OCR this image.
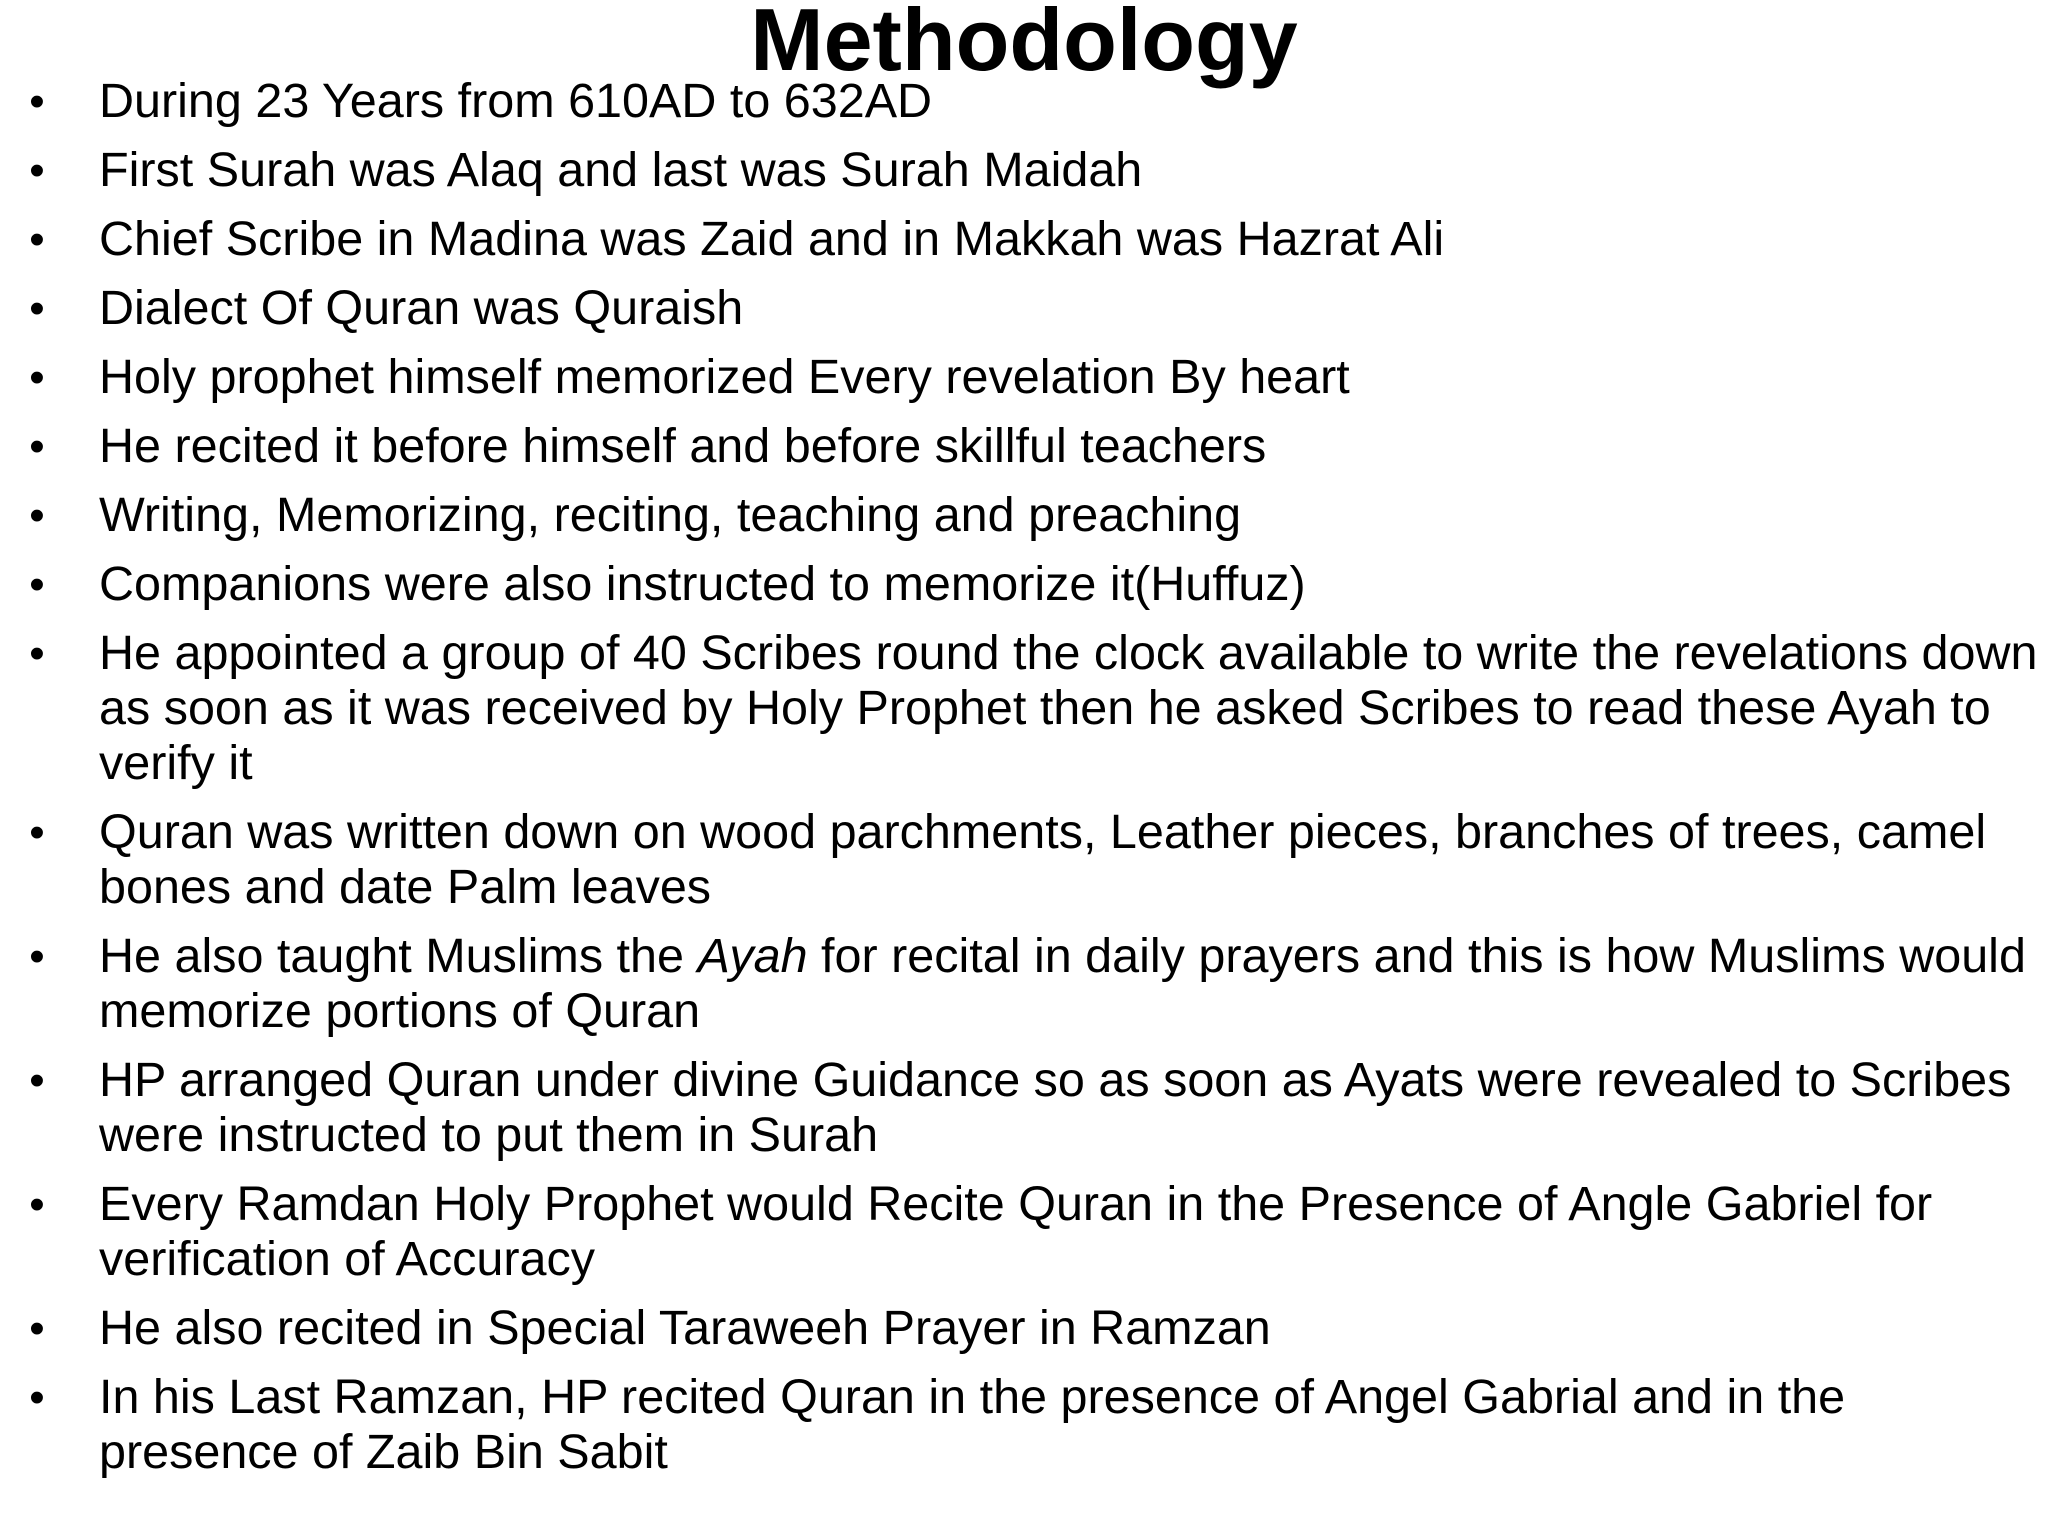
Methodology
• During 23 Years from 610AD to 632AD
• First Surah was Alaq and last was Surah Maidah
• Chief Scribe in Madina was Zaid and in Makkah was Hazrat Ali
• Dialect Of Quran was Quraish
• Holy prophet himself memorized Every revelation By heart
• He recited it before himself and before skillful teachers
• Writing, Memorizing, reciting, teaching and preaching
• Companions were also instructed to memorize it(Huffuz)
• He appointed a group of 40 Scribes round the clock available to write the revelations down as soon as it was received by Holy Prophet then he asked Scribes to read these Ayah to verify it
• Quran was written down on wood parchments, Leather pieces, branches of trees, camel bones and date Palm leaves
• He also taught Muslims the Ayah for recital in daily prayers and this is how Muslims would memorize portions of Quran
• HP arranged Quran under divine Guidance so as soon as Ayats were revealed to Scribes were instructed to put them in Surah
• Every Ramdan Holy Prophet would Recite Quran in the Presence of Angle Gabriel for verification of Accuracy
• He also recited in Special Taraweeh Prayer in Ramzan
• In his Last Ramzan, HP recited Quran in the presence of Angel Gabrial and in the presence of Zaib Bin Sabit
